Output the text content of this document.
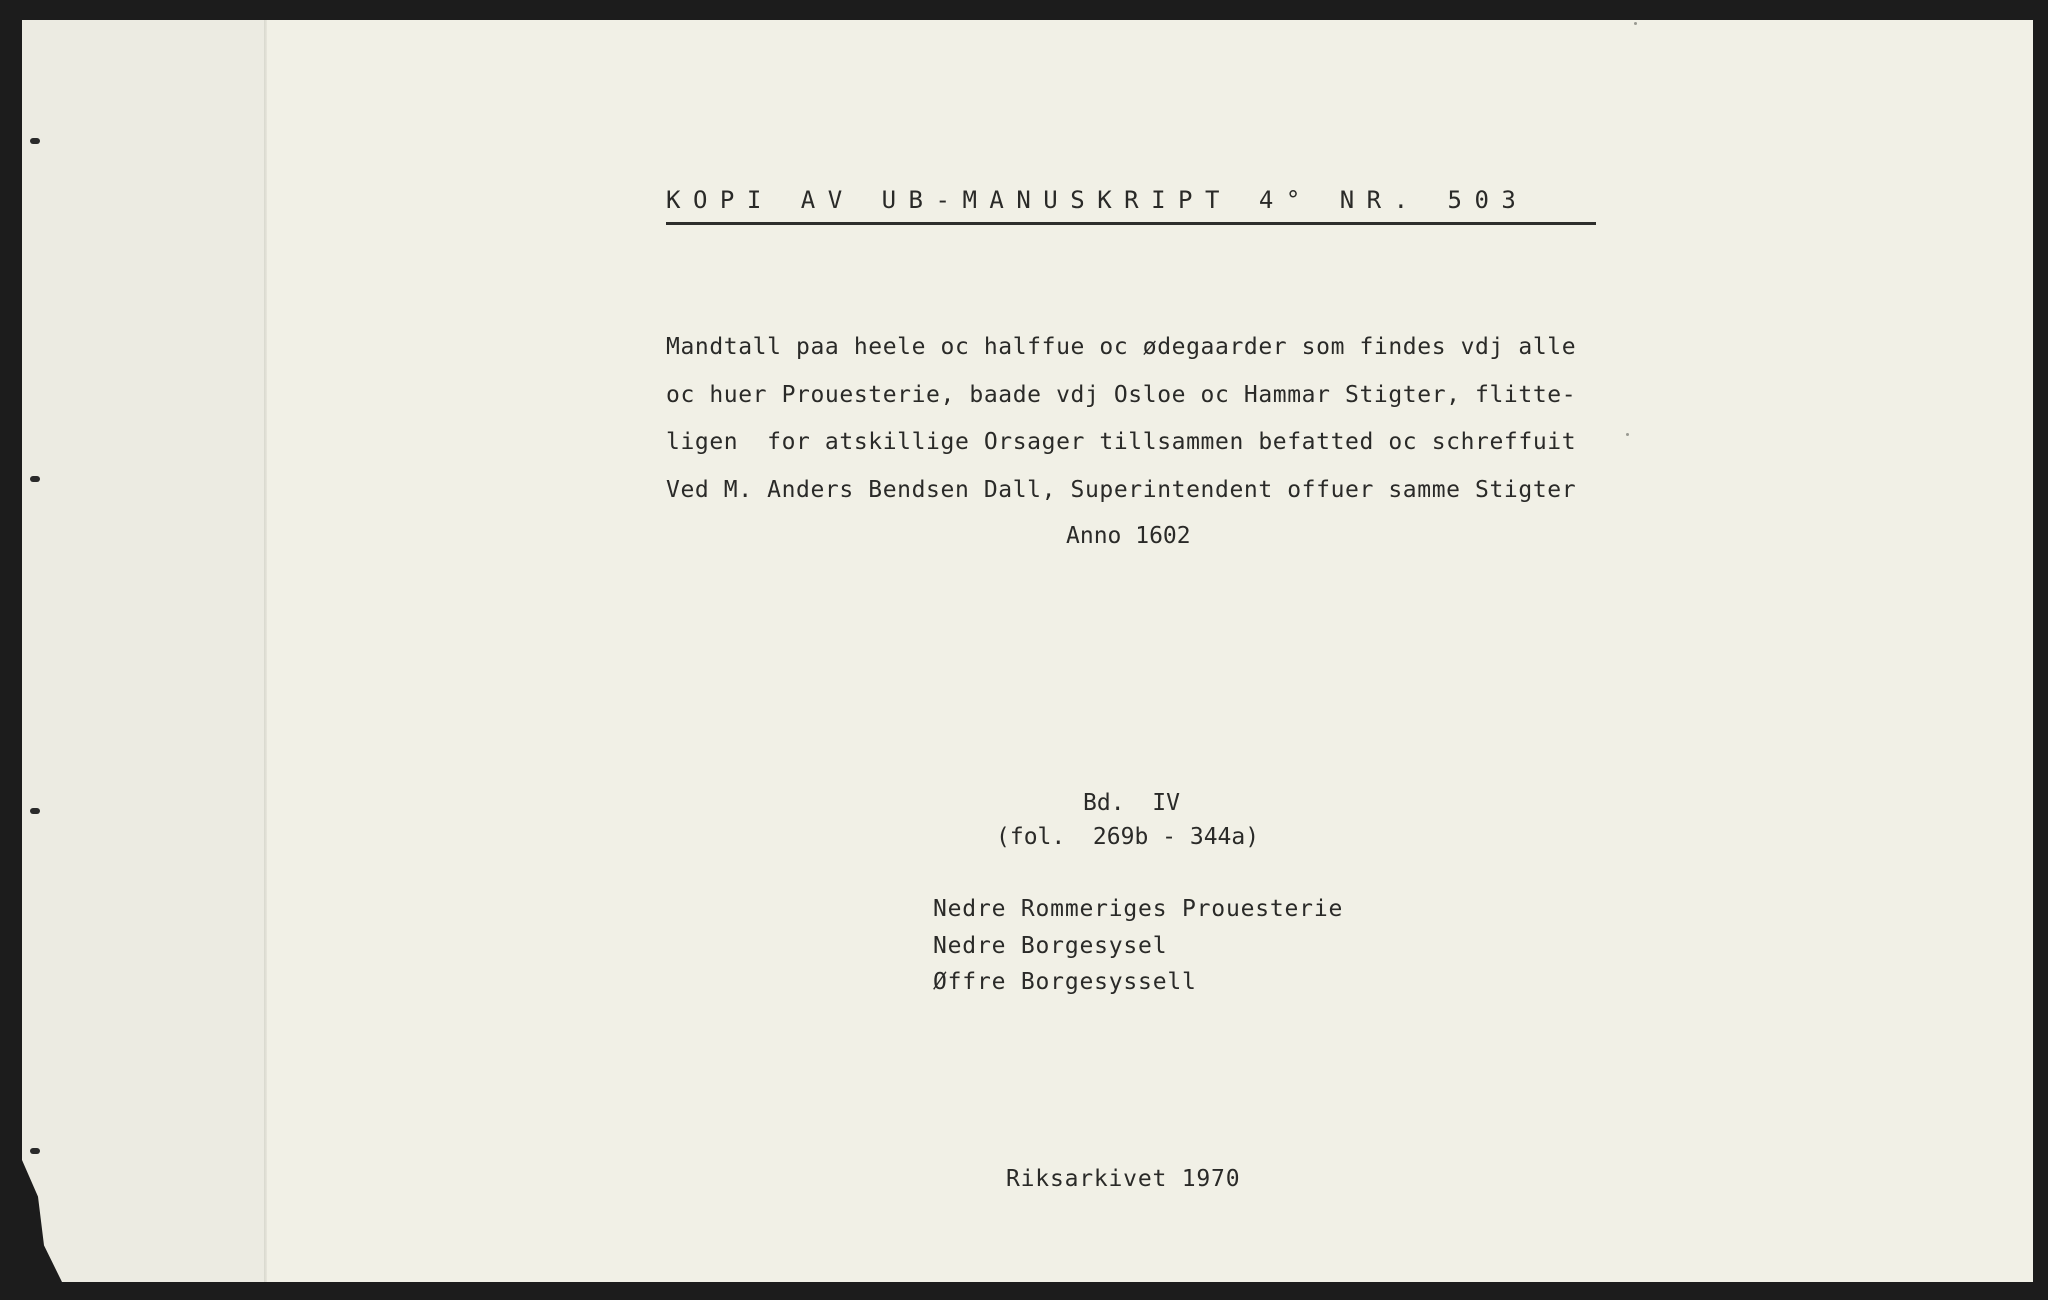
KOPI AV UB-MANUSKRIPT 4° NR. 503
Mandtall paa heele oc halffue oc ødegaarder som findes vdj alle
oc huer Prouesterie, baade vdj Osloe oc Hammar Stigter, flitte-
ligen  for atskillige Orsager tillsammen befatted oc schreffuit
Ved M. Anders Bendsen Dall, Superintendent offuer samme Stigter
Anno 1602
Bd.  IV
(fol.  269b - 344a)
Nedre Rommeriges Prouesterie
Nedre Borgesysel
Øffre Borgesyssell
Riksarkivet 1970
